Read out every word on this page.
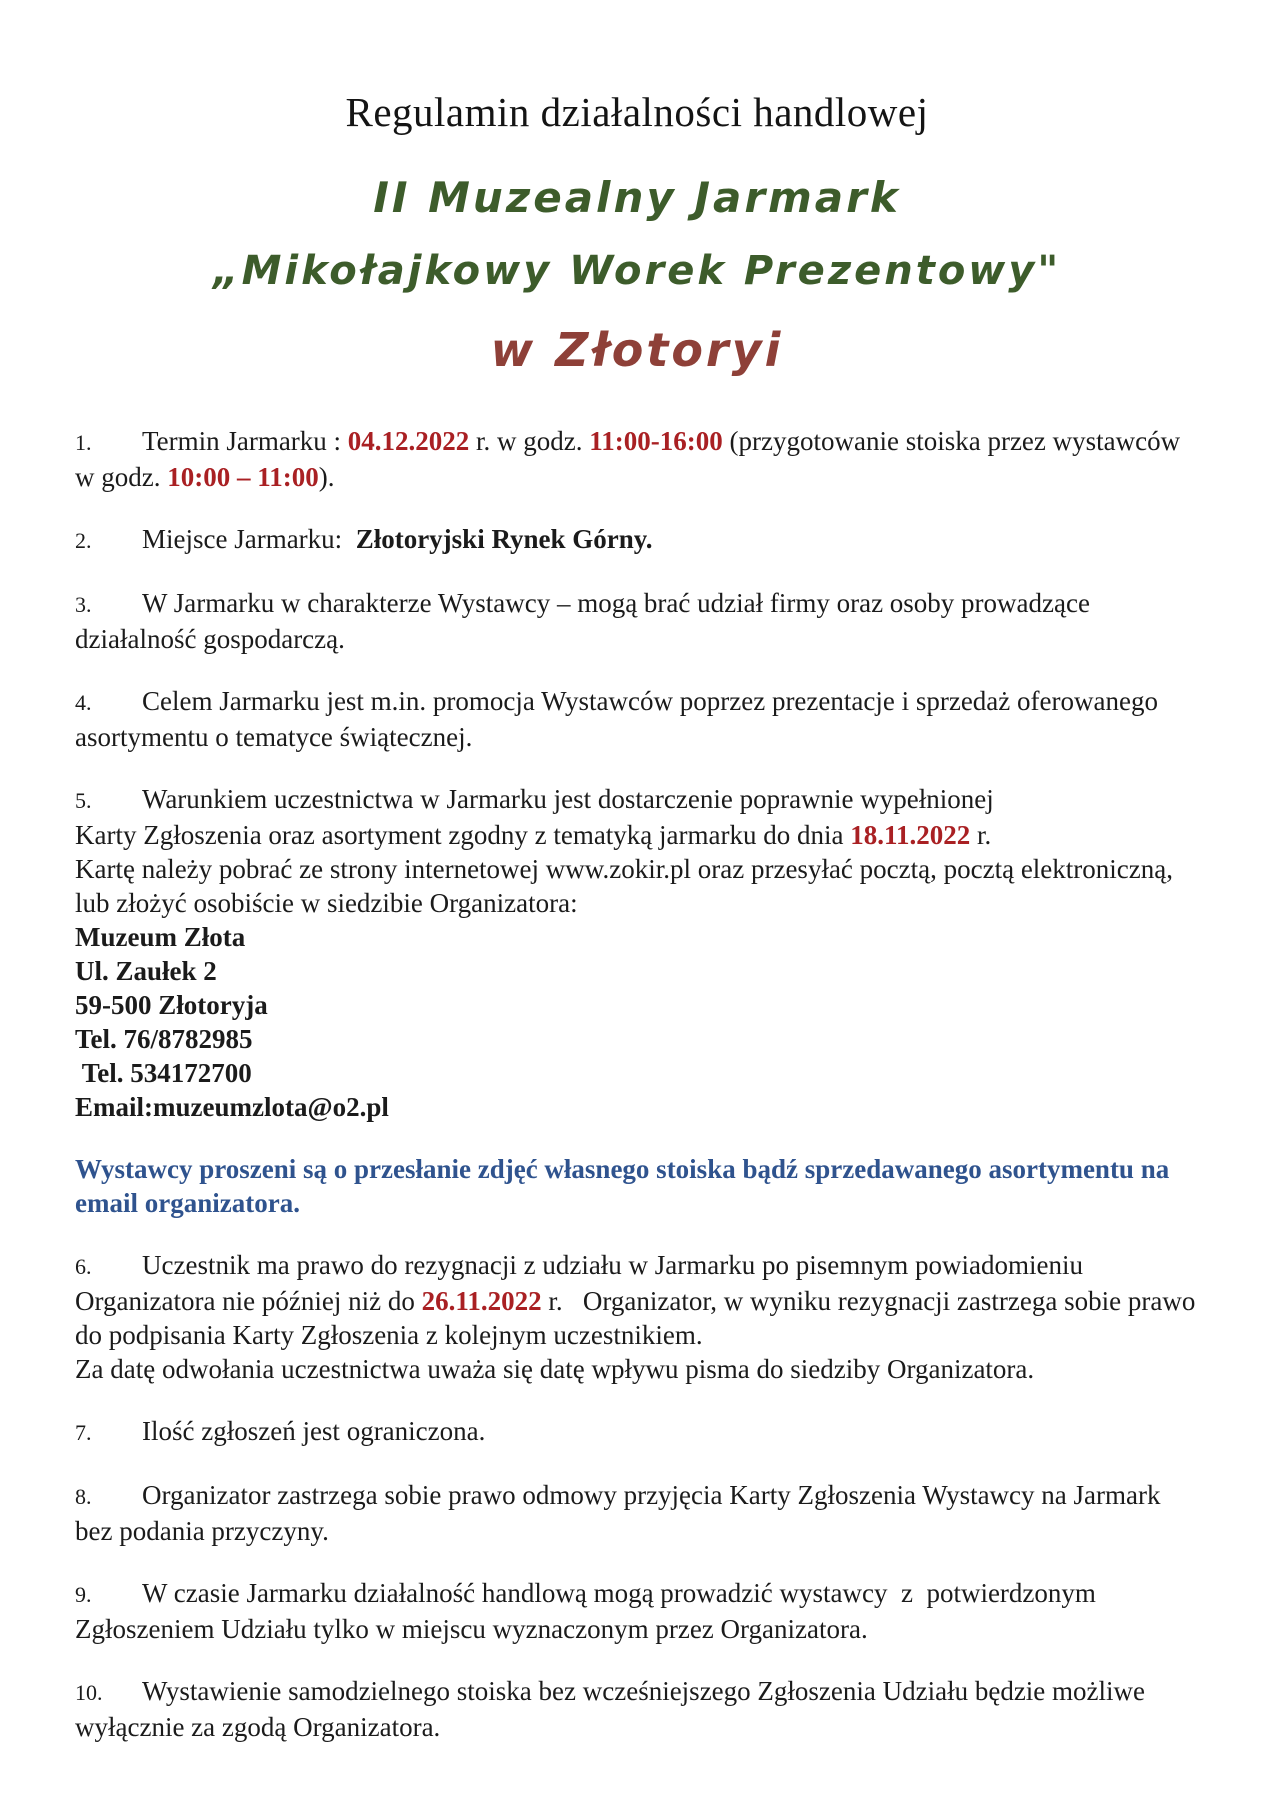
Regulamin działalności handlowej
II Muzealny Jarmark
„Mikołajkowy Worek Prezentowy"
w Złotoryi

1. Termin Jarmarku : 04.12.2022 r. w godz. 11:00-16:00 (przygotowanie stoiska przez wystawców w godz. 10:00 – 11:00).

2. Miejsce Jarmarku:  Złotoryjski Rynek Górny.

3. W Jarmarku w charakterze Wystawcy – mogą brać udział firmy oraz osoby prowadzące działalność gospodarczą.

4. Celem Jarmarku jest m.in. promocja Wystawców poprzez prezentacje i sprzedaż oferowanego asortymentu o tematyce świątecznej.

5. Warunkiem uczestnictwa w Jarmarku jest dostarczenie poprawnie wypełnionej
Karty Zgłoszenia oraz asortyment zgodny z tematyką jarmarku do dnia 18.11.2022 r.
Kartę należy pobrać ze strony internetowej www.zokir.pl oraz przesyłać pocztą, pocztą elektroniczną, lub złożyć osobiście w siedzibie Organizatora:
Muzeum Złota
Ul. Zaułek 2
59-500 Złotoryja
Tel. 76/8782985
Tel. 534172700
Email:muzeumzlota@o2.pl

Wystawcy proszeni są o przesłanie zdjęć własnego stoiska bądź sprzedawanego asortymentu na email organizatora.

6. Uczestnik ma prawo do rezygnacji z udziału w Jarmarku po pisemnym powiadomieniu Organizatora nie później niż do 26.11.2022 r.   Organizator, w wyniku rezygnacji zastrzega sobie prawo do podpisania Karty Zgłoszenia z kolejnym uczestnikiem.
Za datę odwołania uczestnictwa uważa się datę wpływu pisma do siedziby Organizatora.

7. Ilość zgłoszeń jest ograniczona.

8. Organizator zastrzega sobie prawo odmowy przyjęcia Karty Zgłoszenia Wystawcy na Jarmark bez podania przyczyny.

9. W czasie Jarmarku działalność handlową mogą prowadzić wystawcy  z  potwierdzonym Zgłoszeniem Udziału tylko w miejscu wyznaczonym przez Organizatora.

10. Wystawienie samodzielnego stoiska bez wcześniejszego Zgłoszenia Udziału będzie możliwe wyłącznie za zgodą Organizatora.
